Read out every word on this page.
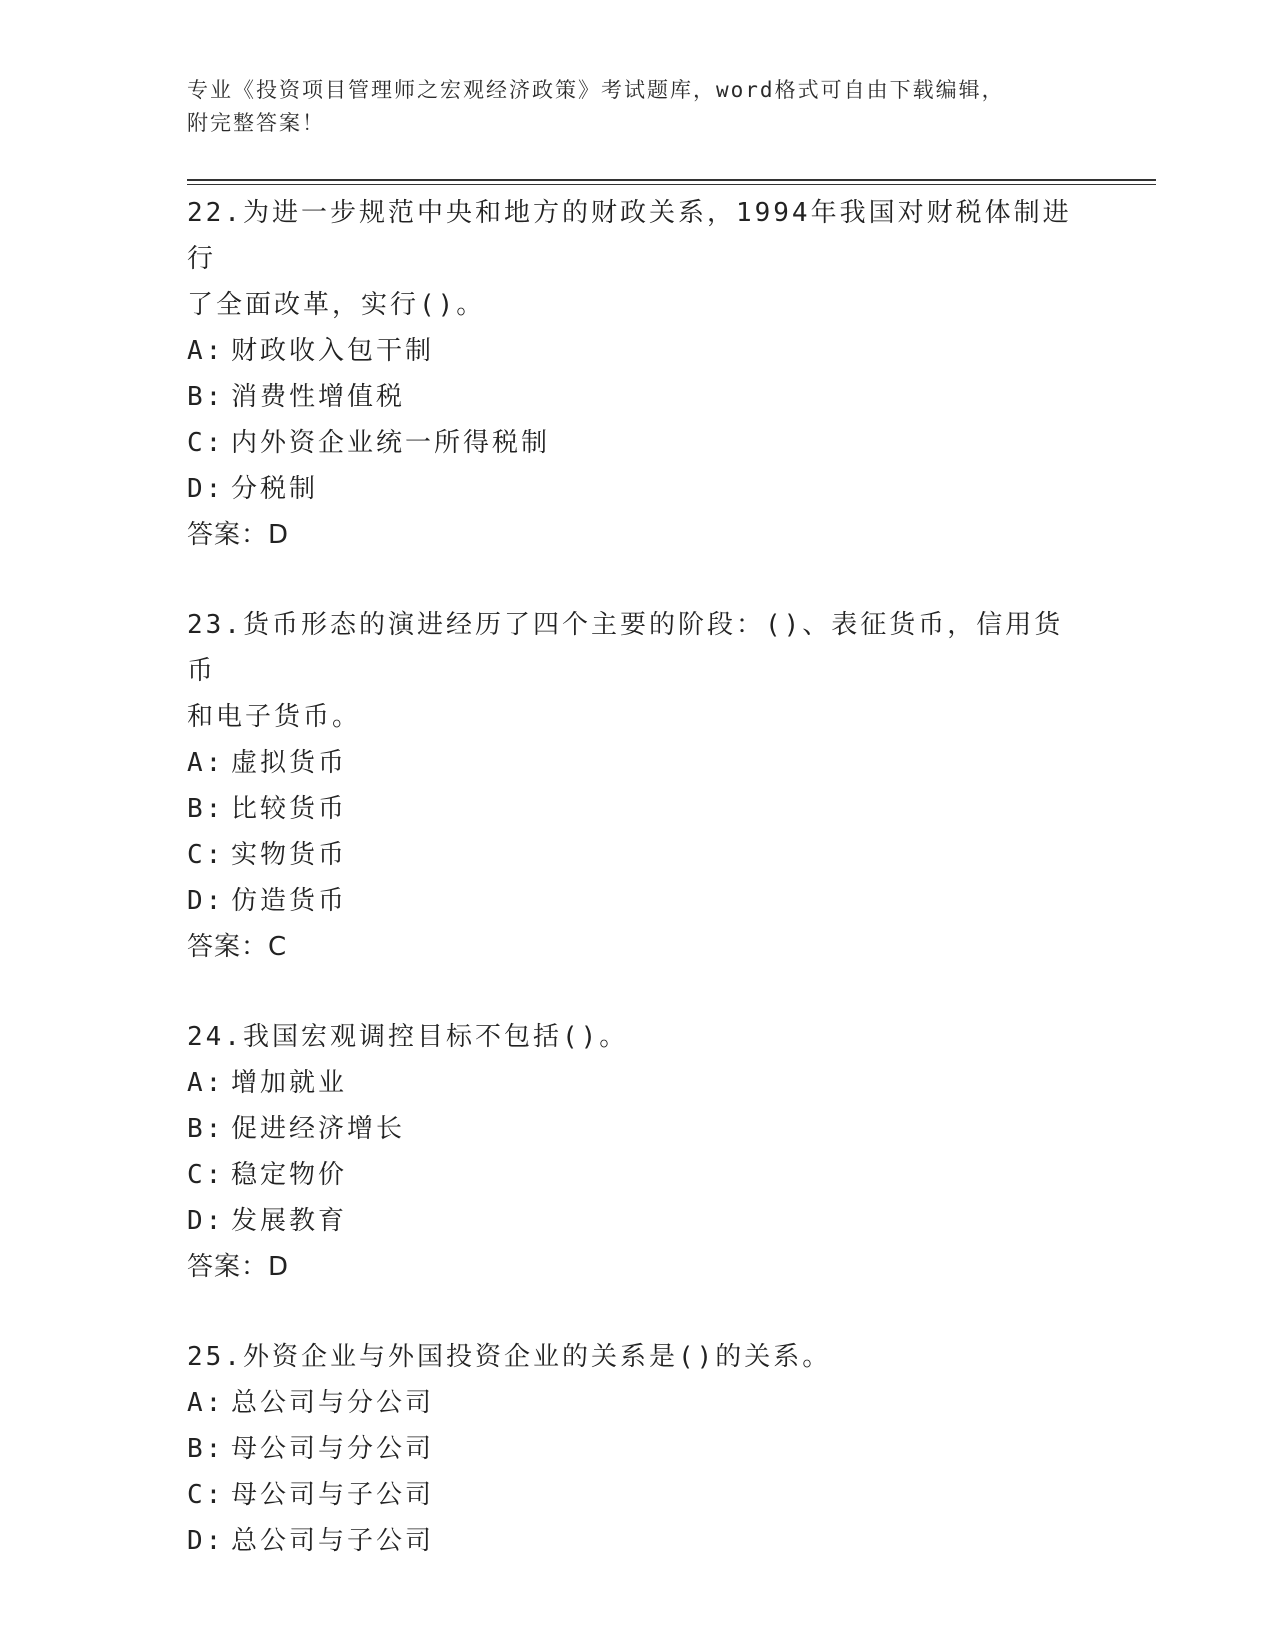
专业《投资项目管理师之宏观经济政策》考试题库，word格式可自由下载编辑，
附完整答案！
22.为进一步规范中央和地方的财政关系，1994年我国对财税体制进行
了全面改革，实行()。
A: 财政收入包干制
B: 消费性增值税
C: 内外资企业统一所得税制
D: 分税制
答案：D
23.货币形态的演进经历了四个主要的阶段：()、表征货币，信用货币
和电子货币。
A: 虚拟货币
B: 比较货币
C: 实物货币
D: 仿造货币
答案：C
24.我国宏观调控目标不包括()。
A: 增加就业
B: 促进经济增长
C: 稳定物价
D: 发展教育
答案：D
25.外资企业与外国投资企业的关系是()的关系。
A: 总公司与分公司
B: 母公司与分公司
C: 母公司与子公司
D: 总公司与子公司
